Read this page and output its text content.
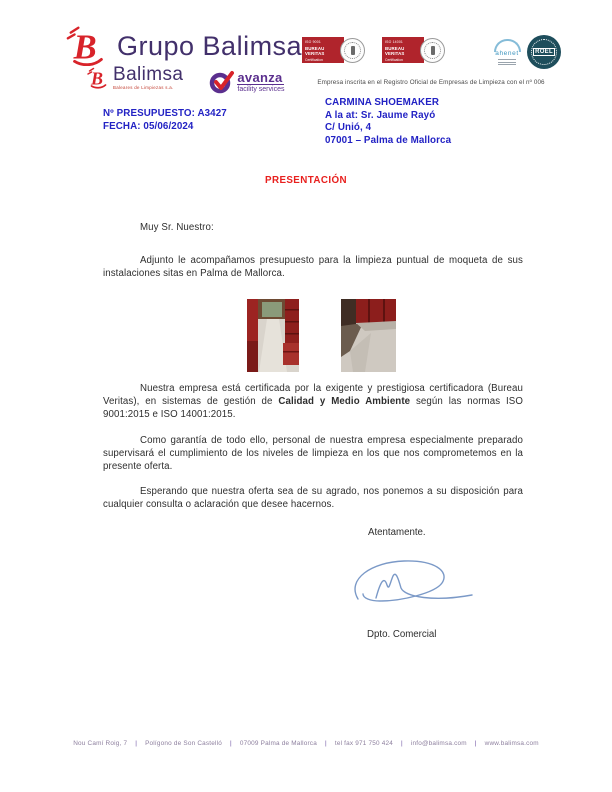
B Grupo Balimsa
B Balimsa
Baleares de Limpiezas s.a.
avanza
facility services
ISO 9001
BUREAU VERITAS
Certification
ISO 14001
BUREAU VERITAS
Certification
ahenet	ROEL
Empresa inscrita en el Registro Oficial de Empresas de Limpieza con el nº 006
Nº PRESUPUESTO: A3427
FECHA: 05/06/2024
CARMINA SHOEMAKER
A la at: Sr. Jaume Rayó
C/ Unió, 4
07001 – Palma de Mallorca
PRESENTACIÓN
Muy Sr. Nuestro:

Adjunto le acompañamos presupuesto para la limpieza puntual de moqueta de sus instalaciones sitas en Palma de Mallorca.

Nuestra empresa está certificada por la exigente y prestigiosa certificadora (Bureau Veritas), en sistemas de gestión de Calidad y Medio Ambiente según las normas ISO 9001:2015 e ISO 14001:2015.

Como garantía de todo ello, personal de nuestra empresa especialmente preparado supervisará el cumplimiento de los niveles de limpieza en los que nos comprometemos en la presente oferta.

Esperando que nuestra oferta sea de su agrado, nos ponemos a su disposición para cualquier consulta o aclaración que desee hacernos.

Atentamente.
Dpto. Comercial
Nou Camí Roig, 7 | Polígono de Son Castelló | 07009 Palma de Mallorca | tel fax 971 750 424 | info@balimsa.com | www.balimsa.com
